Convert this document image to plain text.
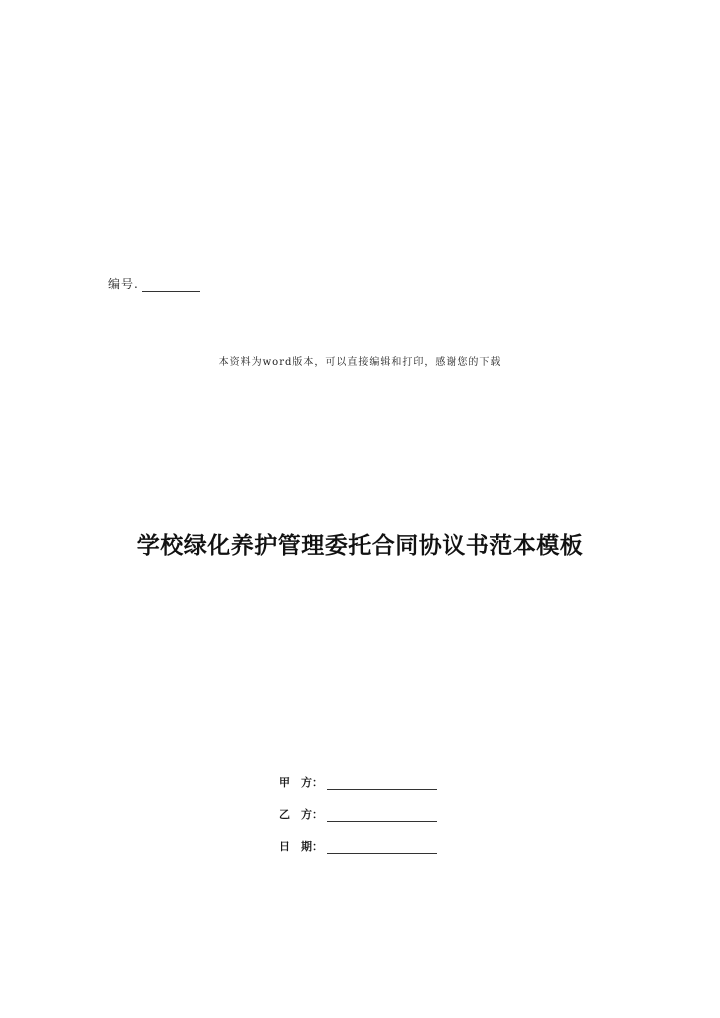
编号.
本资料为word版本，可以直接编辑和打印，感谢您的下载
学校绿化养护管理委托合同协议书范本模板
甲　方：
乙　方：
日　期：
